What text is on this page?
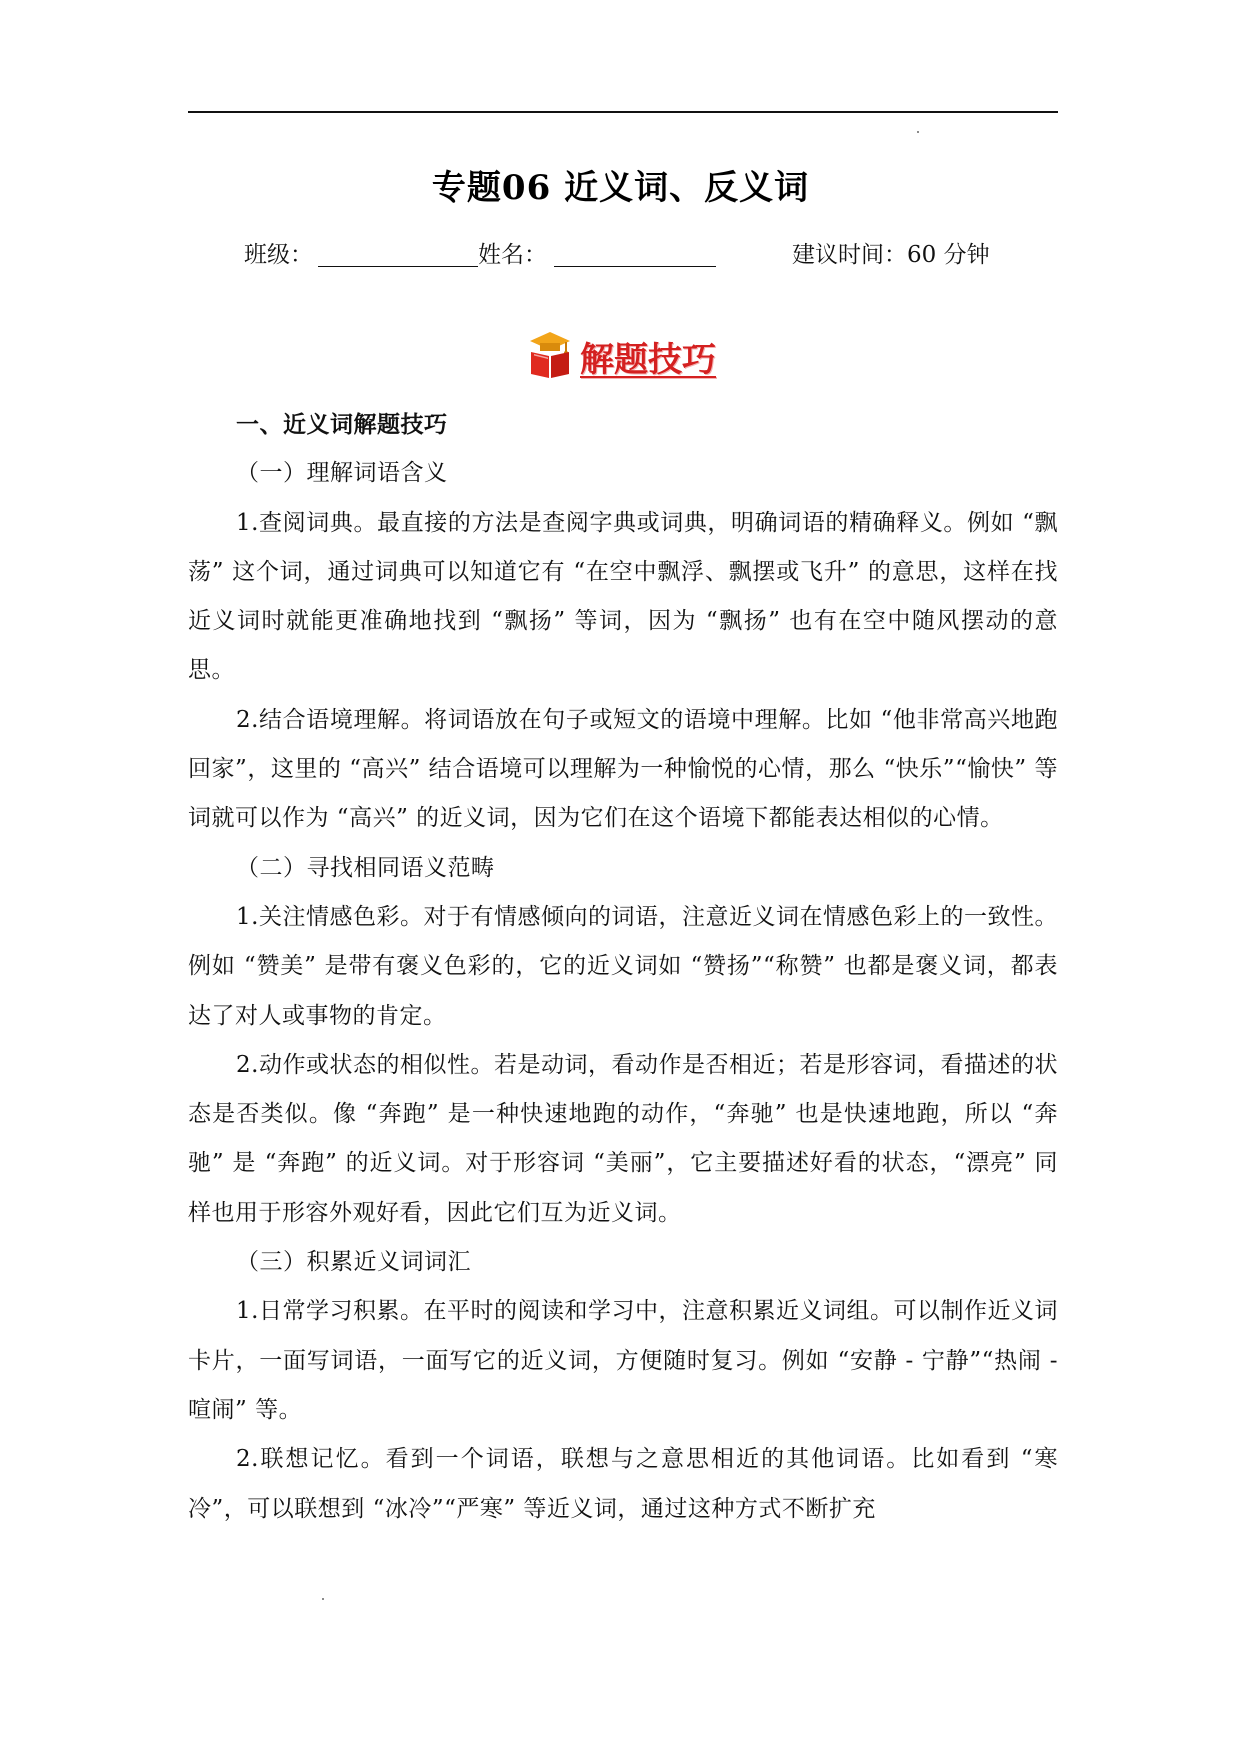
专题06 近义词、反义词
班级：	姓名：	建议时间：60 分钟
解题技巧

一、近义词解题技巧

（一）理解词语含义

1.查阅词典。最直接的方法是查阅字典或词典，明确词语的精确释义。例如 “飘荡” 这个词，通过词典可以知道它有 “在空中飘浮、飘摆或飞升” 的意思，这样在找近义词时就能更准确地找到 “飘扬” 等词，因为 “飘扬” 也有在空中随风摆动的意思。

2.结合语境理解。将词语放在句子或短文的语境中理解。比如 “他非常高兴地跑回家”，这里的 “高兴” 结合语境可以理解为一种愉悦的心情，那么 “快乐”“愉快” 等词就可以作为 “高兴” 的近义词，因为它们在这个语境下都能表达相似的心情。

（二）寻找相同语义范畴

1.关注情感色彩。对于有情感倾向的词语，注意近义词在情感色彩上的一致性。例如 “赞美” 是带有褒义色彩的，它的近义词如 “赞扬”“称赞” 也都是褒义词，都表达了对人或事物的肯定。

2.动作或状态的相似性。若是动词，看动作是否相近；若是形容词，看描述的状态是否类似。像 “奔跑” 是一种快速地跑的动作，“奔驰” 也是快速地跑，所以 “奔驰” 是 “奔跑” 的近义词。对于形容词 “美丽”，它主要描述好看的状态，“漂亮” 同样也用于形容外观好看，因此它们互为近义词。

（三）积累近义词词汇

1.日常学习积累。在平时的阅读和学习中，注意积累近义词组。可以制作近义词卡片，一面写词语，一面写它的近义词，方便随时复习。例如 “安静 - 宁静”“热闹 - 喧闹” 等。

2.联想记忆。看到一个词语，联想与之意思相近的其他词语。比如看到 “寒冷”，可以联想到 “冰冷”“严寒” 等近义词，通过这种方式不断扩充
